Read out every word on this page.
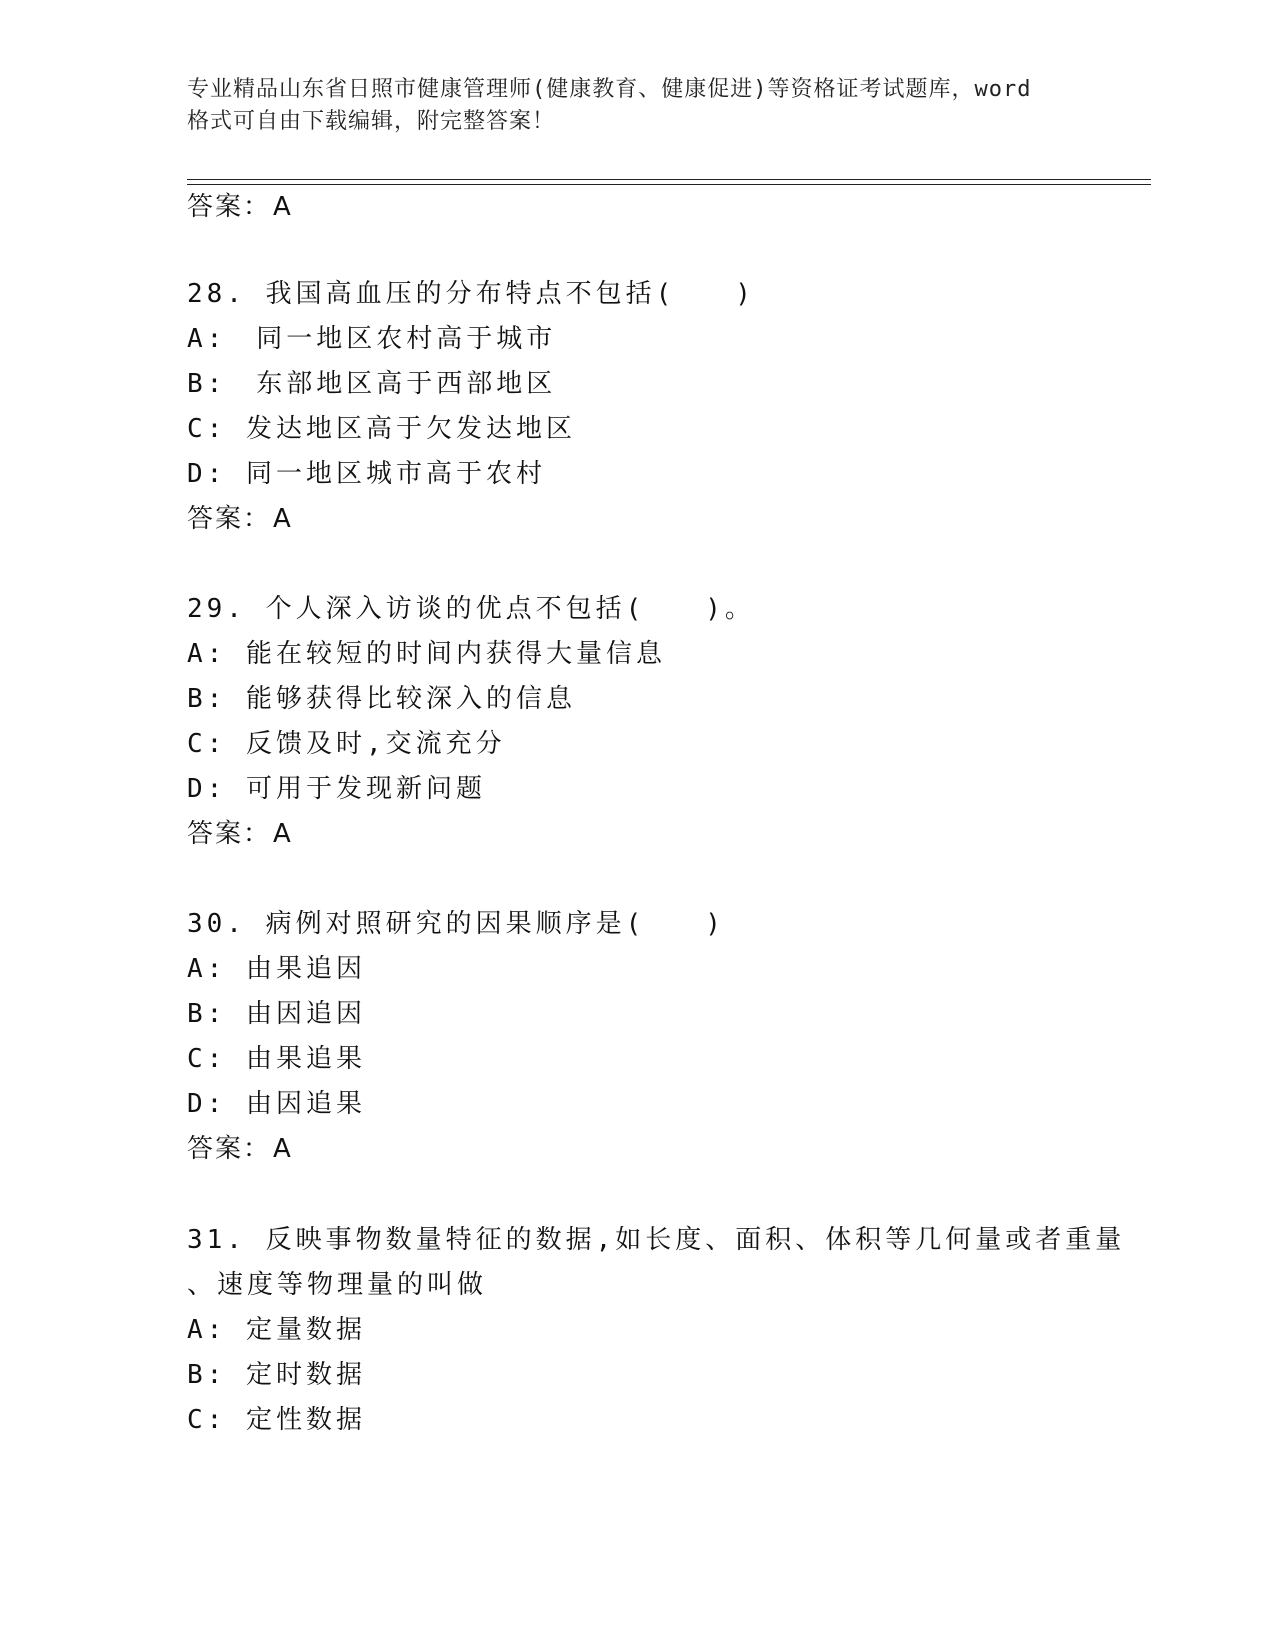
专业精品山东省日照市健康管理师(健康教育、健康促进)等资格证考试题库，word
格式可自由下载编辑，附完整答案！
答案：A
28. 我国高血压的分布特点不包括(　　)
A:　同一地区农村高于城市
B:　东部地区高于西部地区
C: 发达地区高于欠发达地区
D: 同一地区城市高于农村
答案：A
29. 个人深入访谈的优点不包括(　　)。
A: 能在较短的时间内获得大量信息
B: 能够获得比较深入的信息
C: 反馈及时,交流充分
D: 可用于发现新问题
答案：A
30. 病例对照研究的因果顺序是(　　)
A: 由果追因
B: 由因追因
C: 由果追果
D: 由因追果
答案：A
31. 反映事物数量特征的数据,如长度、面积、体积等几何量或者重量
、速度等物理量的叫做
A: 定量数据
B: 定时数据
C: 定性数据
